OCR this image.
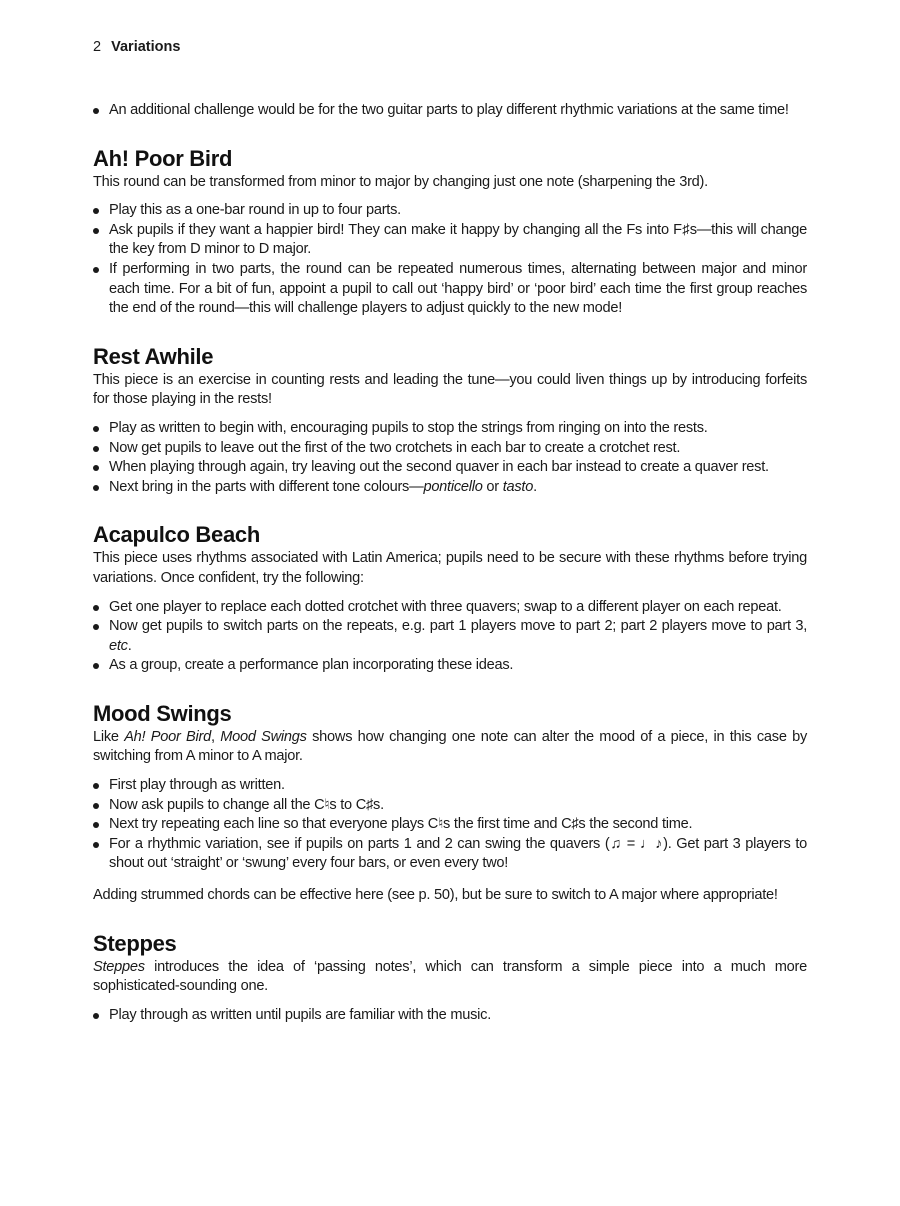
2 Variations
An additional challenge would be for the two guitar parts to play different rhythmic variations at the same time!
Ah! Poor Bird

This round can be transformed from minor to major by changing just one note (sharpening the 3rd).

Play this as a one-bar round in up to four parts.
Ask pupils if they want a happier bird! They can make it happy by changing all the Fs into F♯s—this will change the key from D minor to D major.
If performing in two parts, the round can be repeated numerous times, alternating between major and minor each time. For a bit of fun, appoint a pupil to call out ‘happy bird’ or ‘poor bird’ each time the first group reaches the end of the round—this will challenge players to adjust quickly to the new mode!
Rest Awhile

This piece is an exercise in counting rests and leading the tune—you could liven things up by introducing forfeits for those playing in the rests!

Play as written to begin with, encouraging pupils to stop the strings from ringing on into the rests.
Now get pupils to leave out the first of the two crotchets in each bar to create a crotchet rest.
When playing through again, try leaving out the second quaver in each bar instead to create a quaver rest.
Next bring in the parts with different tone colours—ponticello or tasto.
Acapulco Beach

This piece uses rhythms associated with Latin America; pupils need to be secure with these rhythms before trying variations. Once confident, try the following:

Get one player to replace each dotted crotchet with three quavers; swap to a different player on each repeat.
Now get pupils to switch parts on the repeats, e.g. part 1 players move to part 2; part 2 players move to part 3, etc.
As a group, create a performance plan incorporating these ideas.
Mood Swings

Like Ah! Poor Bird, Mood Swings shows how changing one note can alter the mood of a piece, in this case by switching from A minor to A major.

First play through as written.
Now ask pupils to change all the C♮s to C♯s.
Next try repeating each line so that everyone plays C♮s the first time and C♯s the second time.
For a rhythmic variation, see if pupils on parts 1 and 2 can swing the quavers (♫ = ♩♪). Get part 3 players to shout out ‘straight’ or ‘swung’ every four bars, or even every two!

Adding strummed chords can be effective here (see p. 50), but be sure to switch to A major where appropriate!

Steppes

Steppes introduces the idea of ‘passing notes’, which can transform a simple piece into a much more sophisticated-sounding one.

Play through as written until pupils are familiar with the music.
